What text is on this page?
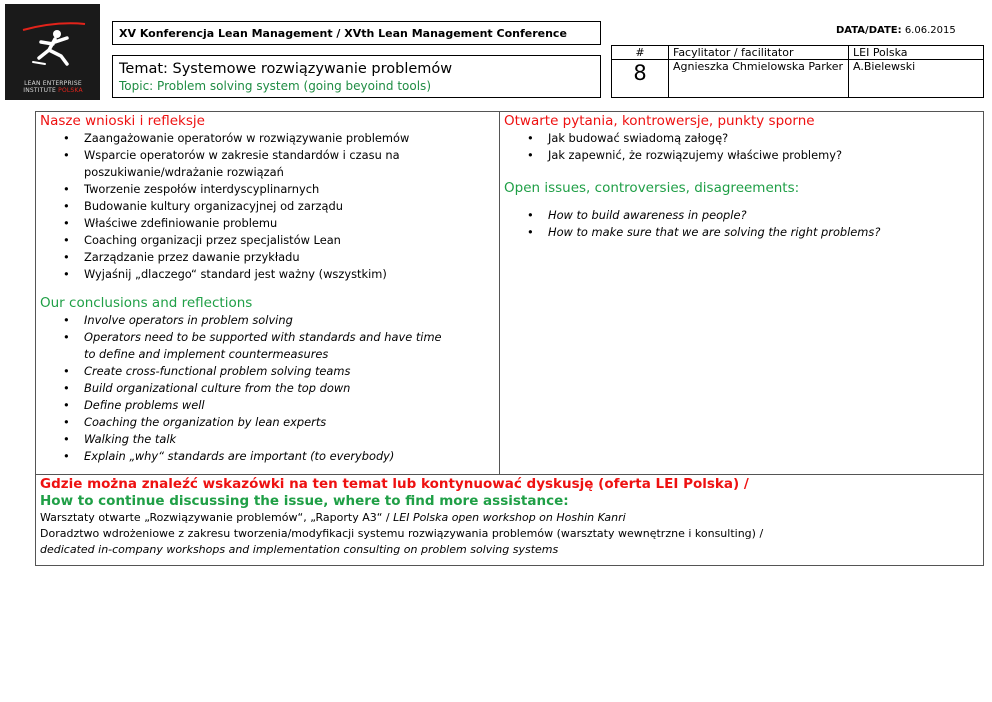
LEAN ENTERPRISE
INSTITUTE POLSKA
XV Konferencja Lean Management / XVth Lean Management Conference	DATA/DATE: 6.06.2015
Temat: Systemowe rozwiązywanie problemów
Topic: Problem solving system (going beyoind tools)
#	Facylitator / facilitator	LEI Polska
8	Agnieszka Chmielowska Parker	A.Bielewski
Nasze wnioski i refleksje
• Zaangażowanie operatorów w rozwiązywanie problemów
• Wsparcie operatorów w zakresie standardów i czasu na
poszukiwanie/wdrażanie rozwiązań
• Tworzenie zespołów interdyscyplinarnych
• Budowanie kultury organizacyjnej od zarządu
• Właściwe zdefiniowanie problemu
• Coaching organizacji przez specjalistów Lean
• Zarządzanie przez dawanie przykładu
• Wyjaśnij „dlaczego“ standard jest ważny (wszystkim)
Our conclusions and reflections
• Involve operators in problem solving
• Operators need to be supported with standards and have time
to define and implement countermeasures
• Create cross-functional problem solving teams
• Build organizational culture from the top down
• Define problems well
• Coaching the organization by lean experts
• Walking the talk
• Explain „why“ standards are important (to everybody)
Otwarte pytania, kontrowersje, punkty sporne
• Jak budować swiadomą załogę?
• Jak zapewnić, że rozwiązujemy właściwe problemy?
Open issues, controversies, disagreements:
• How to build awareness in people?
• How to make sure that we are solving the right problems?
Gdzie można znaleźć wskazówki na ten temat lub kontynuować dyskusję (oferta LEI Polska) /
How to continue discussing the issue, where to find more assistance:
Warsztaty otwarte „Rozwiązywanie problemów“, „Raporty A3“ / LEI Polska open workshop on Hoshin Kanri
Doradztwo wdrożeniowe z zakresu tworzenia/modyfikacji systemu rozwiązywania problemów (warsztaty wewnętrzne i konsulting) /
dedicated in-company workshops and implementation consulting on problem solving systems
